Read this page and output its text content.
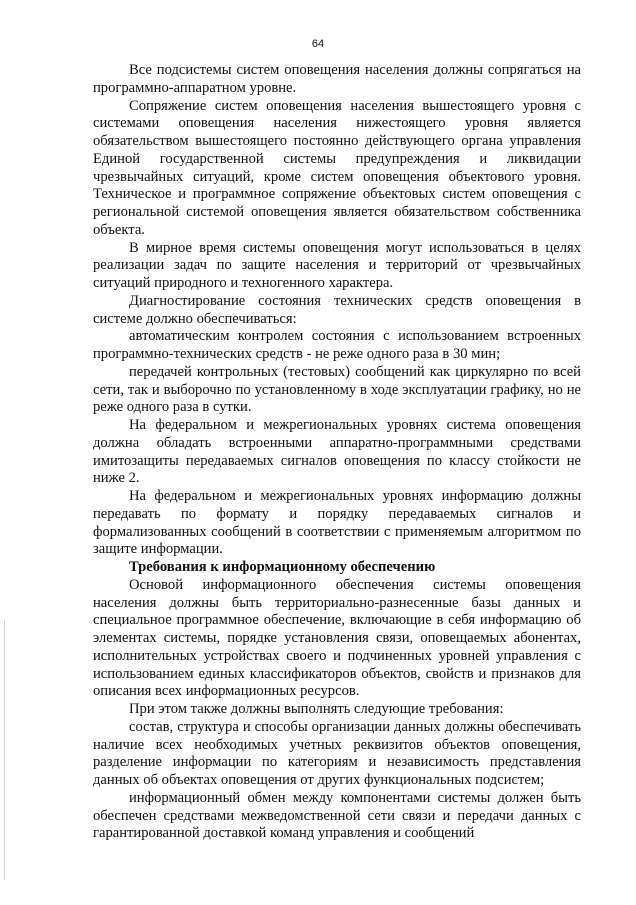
64

Все подсистемы систем оповещения населения должны сопрягаться на программно-аппаратном уровне.

Сопряжение систем оповещения населения вышестоящего уровня с системами оповещения населения нижестоящего уровня является обязательством вышестоящего постоянно действующего органа управления Единой государственной системы предупреждения и ликвидации чрезвычайных ситуаций, кроме систем оповещения объектового уровня. Техническое и программное сопряжение объектовых систем оповещения с региональной системой оповещения является обязательством собственника объекта.

В мирное время системы оповещения могут использоваться в целях реализации задач по защите населения и территорий от чрезвычайных ситуаций природного и техногенного характера.

Диагностирование состояния технических средств оповещения в системе должно обеспечиваться:

автоматическим контролем состояния с использованием встроенных программно-технических средств - не реже одного раза в 30 мин;

передачей контрольных (тестовых) сообщений как циркулярно по всей сети, так и выборочно по установленному в ходе эксплуатации графику, но не реже одного раза в сутки.

На федеральном и межрегиональных уровнях система оповещения должна обладать встроенными аппаратно-программными средствами имитозащиты передаваемых сигналов оповещения по классу стойкости не ниже 2.

На федеральном и межрегиональных уровнях информацию должны передавать по формату и порядку передаваемых сигналов и формализованных сообщений в соответствии с применяемым алгоритмом по защите информации.

Требования к информационному обеспечению

Основой информационного обеспечения системы оповещения населения должны быть территориально-разнесенные базы данных и специальное программное обеспечение, включающие в себя информацию об элементах системы, порядке установления связи, оповещаемых абонентах, исполнительных устройствах своего и подчиненных уровней управления с использованием единых классификаторов объектов, свойств и признаков для описания всех информационных ресурсов.

При этом также должны выполнять следующие требования:

состав, структура и способы организации данных должны обеспечивать наличие всех необходимых учетных реквизитов объектов оповещения, разделение информации по категориям и независимость представления данных об объектах оповещения от других функциональных подсистем;

информационный обмен между компонентами системы должен быть обеспечен средствами межведомственной сети связи и передачи данных с гарантированной доставкой команд управления и сообщений
